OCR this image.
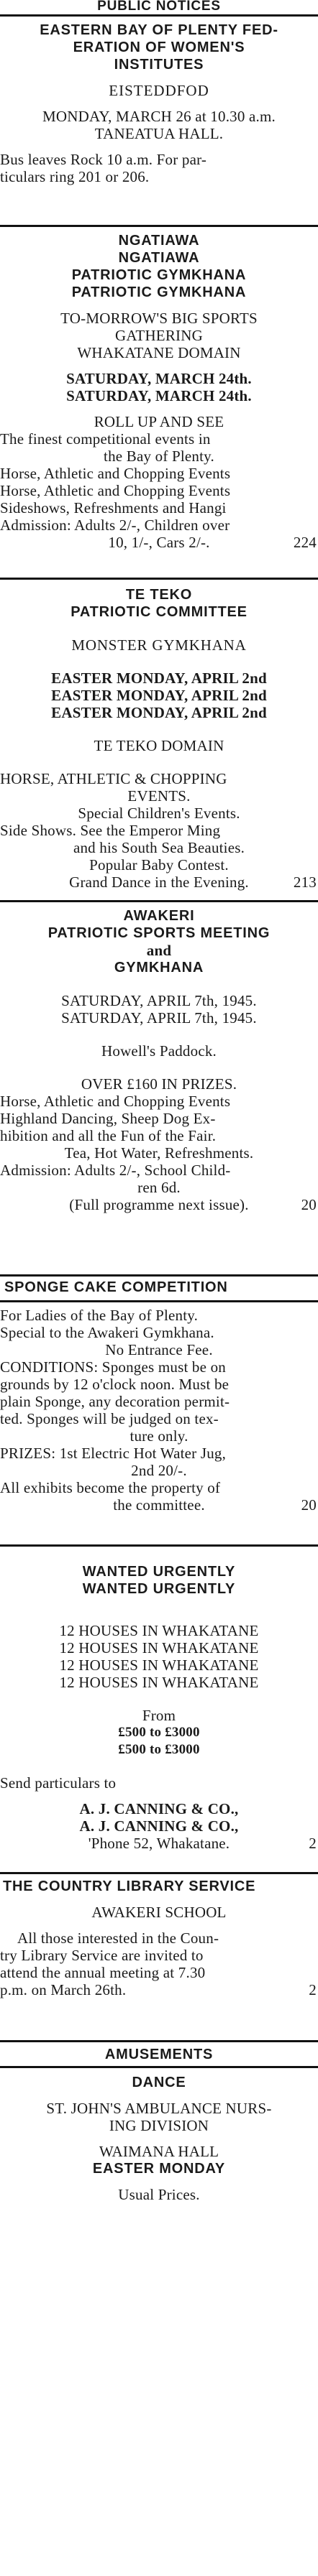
PUBLIC NOTICES
EASTERN BAY OF PLENTY FED-
ERATION OF WOMEN'S
INSTITUTES
EISTEDDFOD
MONDAY, MARCH 26 at 10.30 a.m.
TANEATUA HALL.
Bus leaves Rock 10 a.m. For par-
ticulars ring 201 or 206.
NGATIAWA
NGATIAWA
PATRIOTIC GYMKHANA
PATRIOTIC GYMKHANA
TO-MORROW'S BIG SPORTS
GATHERING
WHAKATANE DOMAIN
SATURDAY, MARCH 24th.
SATURDAY, MARCH 24th.
ROLL UP AND SEE
The finest competitional events in
the Bay of Plenty.
Horse, Athletic and Chopping Events
Horse, Athletic and Chopping Events
Sideshows, Refreshments and Hangi
Admission: Adults 2/-, Children over
10, 1/-, Cars 2/-.	224
TE TEKO
PATRIOTIC COMMITTEE
MONSTER GYMKHANA
EASTER MONDAY, APRIL 2nd
EASTER MONDAY, APRIL 2nd
EASTER MONDAY, APRIL 2nd
TE TEKO DOMAIN
HORSE, ATHLETIC & CHOPPING
EVENTS.
Special Children's Events.
Side Shows. See the Emperor Ming
and his South Sea Beauties.
Popular Baby Contest.
Grand Dance in the Evening.	213
AWAKERI
PATRIOTIC SPORTS MEETING
and
GYMKHANA
SATURDAY, APRIL 7th, 1945.
SATURDAY, APRIL 7th, 1945.
Howell's Paddock.
OVER £160 IN PRIZES.
Horse, Athletic and Chopping Events
Highland Dancing, Sheep Dog Ex-
hibition and all the Fun of the Fair.
Tea, Hot Water, Refreshments.
Admission: Adults 2/-, School Child-
ren 6d.
(Full programme next issue).	20
SPONGE CAKE COMPETITION
For Ladies of the Bay of Plenty.
Special to the Awakeri Gymkhana.
No Entrance Fee.
CONDITIONS: Sponges must be on
grounds by 12 o'clock noon. Must be
plain Sponge, any decoration permit-
ted. Sponges will be judged on tex-
ture only.
PRIZES: 1st Electric Hot Water Jug,
2nd 20/-.
All exhibits become the property of
the committee.	20
WANTED URGENTLY
WANTED URGENTLY
12 HOUSES IN WHAKATANE
12 HOUSES IN WHAKATANE
12 HOUSES IN WHAKATANE
12 HOUSES IN WHAKATANE
From
£500 to £3000
£500 to £3000
Send particulars to
A. J. CANNING & CO.,
A. J. CANNING & CO.,
'Phone 52, Whakatane.	2
THE COUNTRY LIBRARY SERVICE
AWAKERI SCHOOL
All those interested in the Coun-
try Library Service are invited to
attend the annual meeting at 7.30
p.m. on March 26th.	2
AMUSEMENTS
DANCE
ST. JOHN'S AMBULANCE NURS-
ING DIVISION
WAIMANA HALL
EASTER MONDAY
Usual Prices.
